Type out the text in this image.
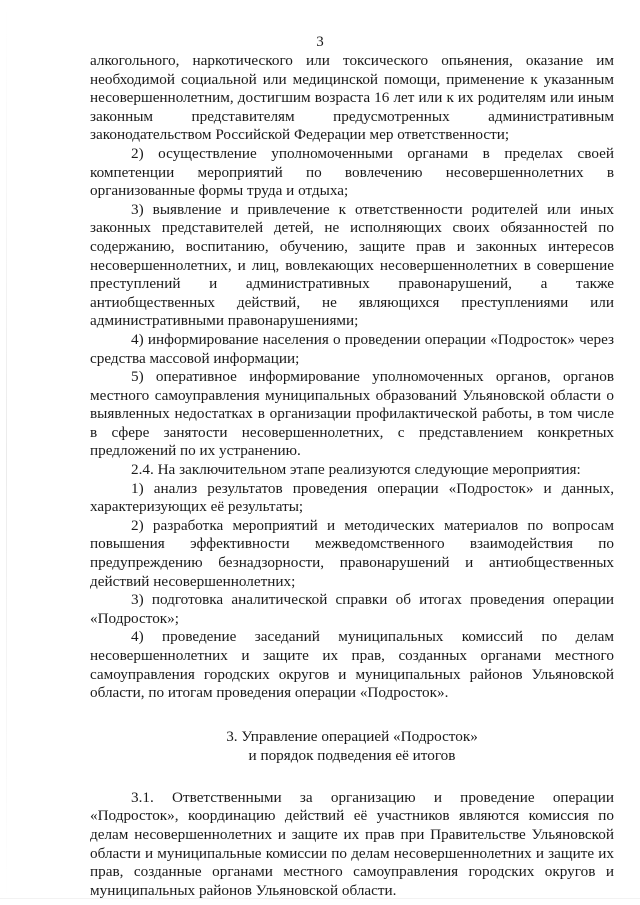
3

алкогольного, наркотического или токсического опьянения, оказание им необходимой социальной или медицинской помощи, применение к указанным несовершеннолетним, достигшим возраста 16 лет или к их родителям или иным законным представителям предусмотренных административным законодательством Российской Федерации мер ответственности;

2) осуществление уполномоченными органами в пределах своей компетенции мероприятий по вовлечению несовершеннолетних в организованные формы труда и отдыха;

3) выявление и привлечение к ответственности родителей или иных законных представителей детей, не исполняющих своих обязанностей по содержанию, воспитанию, обучению, защите прав и законных интересов несовершеннолетних, и лиц, вовлекающих несовершеннолетних в совершение преступлений и административных правонарушений, а также антиобщественных действий, не являющихся преступлениями или административными правонарушениями;

4) информирование населения о проведении операции «Подросток» через средства массовой информации;

5) оперативное информирование уполномоченных органов, органов местного самоуправления муниципальных образований Ульяновской области о выявленных недостатках в организации профилактической работы, в том числе в сфере занятости несовершеннолетних, с представлением конкретных предложений по их устранению.

2.4. На заключительном этапе реализуются следующие мероприятия:

1) анализ результатов проведения операции «Подросток» и данных, характеризующих её результаты;

2) разработка мероприятий и методических материалов по вопросам повышения эффективности межведомственного взаимодействия по предупреждению безнадзорности, правонарушений и антиобщественных действий несовершеннолетних;

3) подготовка аналитической справки об итогах проведения операции «Подросток»;

4) проведение заседаний муниципальных комиссий по делам несовершеннолетних и защите их прав, созданных органами местного самоуправления городских округов и муниципальных районов Ульяновской области, по итогам проведения операции «Подросток».

3. Управление операцией «Подросток»

и порядок подведения её итогов

3.1. Ответственными за организацию и проведение операции «Подросток», координацию действий её участников являются комиссия по делам несовершеннолетних и защите их прав при Правительстве Ульяновской области и муниципальные комиссии по делам несовершеннолетних и защите их прав, созданные органами местного самоуправления городских округов и муниципальных районов Ульяновской области.
